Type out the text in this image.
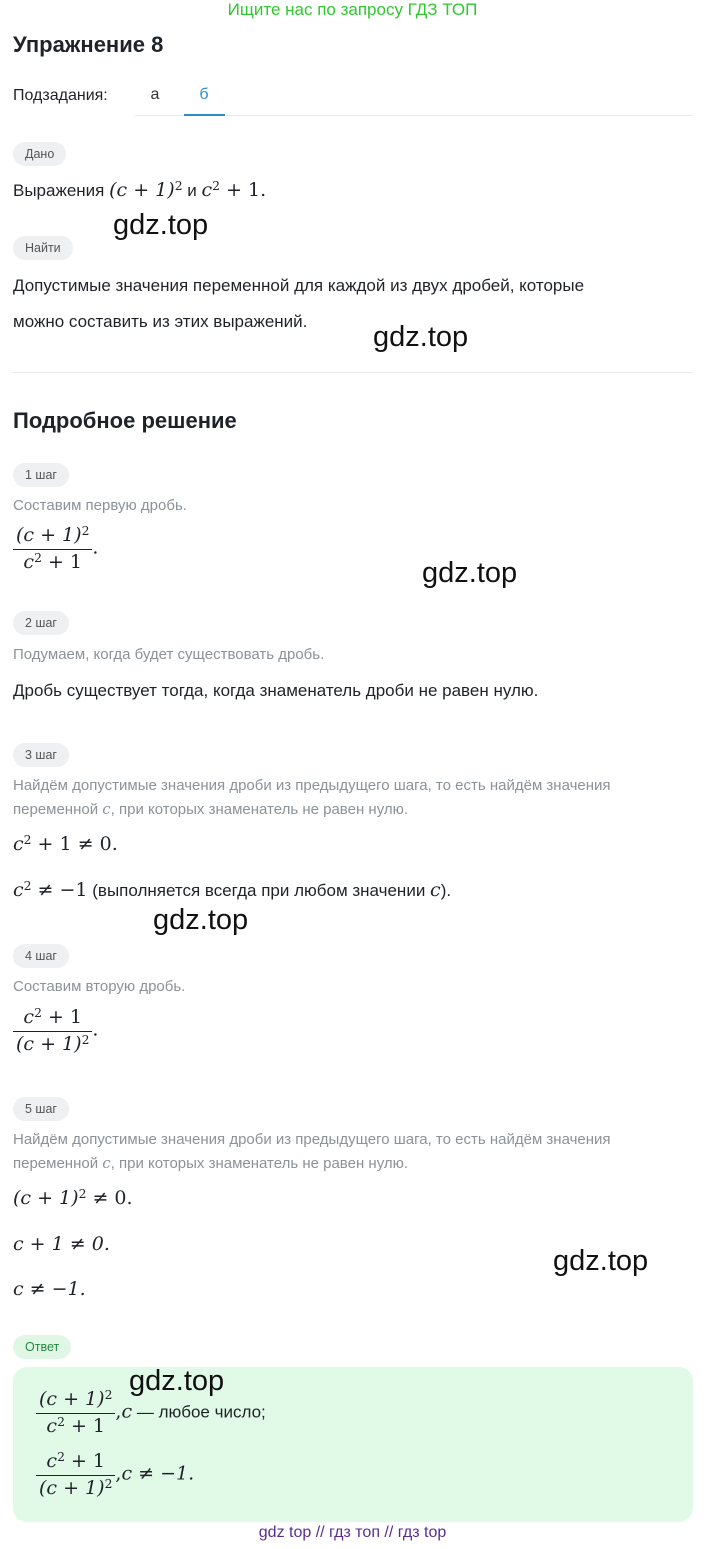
Ищите нас по запросу ГДЗ ТОП
Упражнение 8
Подзадания:	а	б
Дано
Выражения $(c + 1)^2$ и $c^2 + 1$.
Найти
Допустимые значения переменной для каждой из двух дробей, которые
можно составить из этих выражений.
Подробное решение
1 шаг
Составим первую дробь.
$\frac{(c + 1)^2}{c^2 + 1}$ .
2 шаг
Подумаем, когда будет существовать дробь.
Дробь существует тогда, когда знаменатель дроби не равен нулю.
3 шаг
Найдём допустимые значения дроби из предыдущего шага, то есть найдём значения
переменной c, при которых знаменатель не равен нулю.
$c^2 + 1 \ne 0$.
$c^2 \ne -1$ (выполняется всегда при любом значении c).
4 шаг
Составим вторую дробь.
$\frac{c^2 + 1}{(c + 1)^2}$ .
5 шаг
Найдём допустимые значения дроби из предыдущего шага, то есть найдём значения
переменной c, при которых знаменатель не равен нулю.
$(c + 1)^2 \ne 0$.
c + 1 ≠ 0.
c ≠ −1.
Ответ
$\frac{(c + 1)^2}{c^2 + 1} ,c$ — любое число;
$\frac{c^2 + 1}{(c + 1)^2} ,c \ne -1$.
gdz.top
gdz.top
gdz.top
gdz.top
gdz.top
gdz.top
gdz top // гдз топ // гдз top
